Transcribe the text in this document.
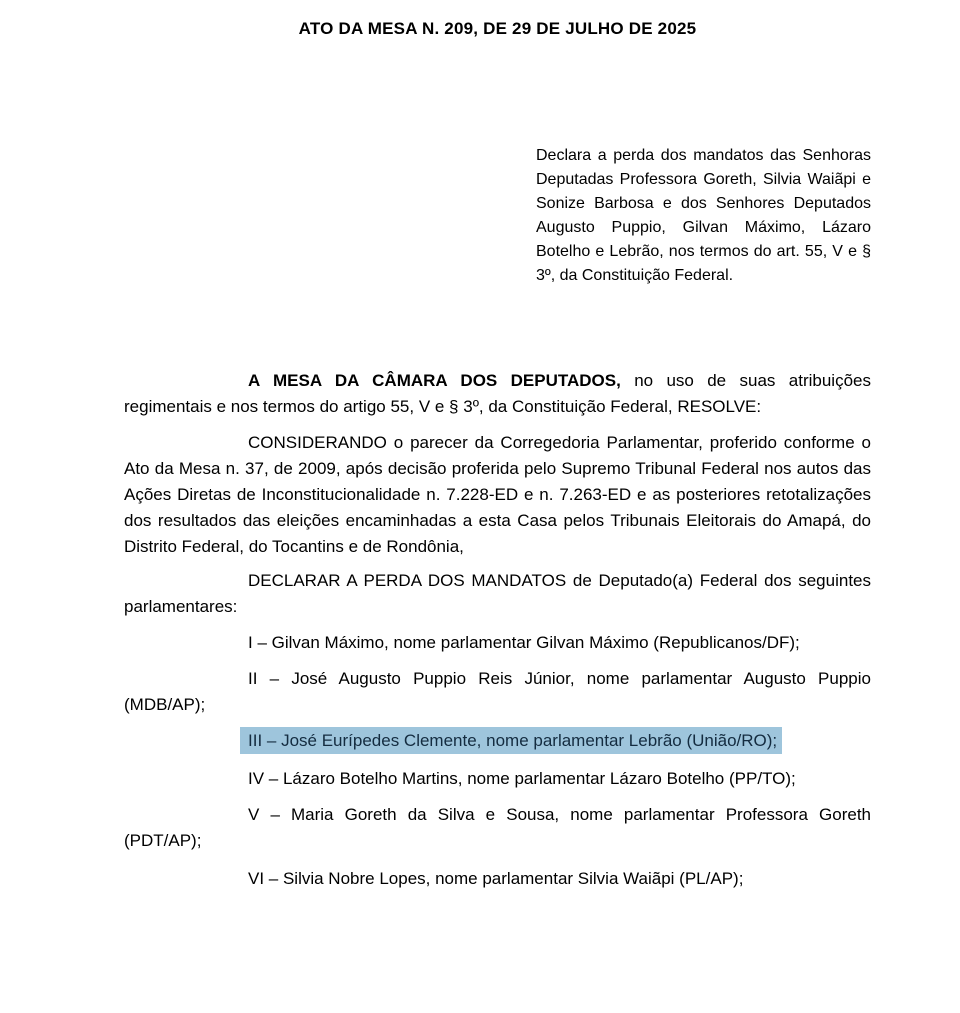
ATO DA MESA N. 209, DE 29 DE JULHO DE 2025

Declara a perda dos mandatos das Senhoras Deputadas Professora Goreth, Silvia Waiãpi e Sonize Barbosa e dos Senhores Deputados Augusto Puppio, Gilvan Máximo, Lázaro Botelho e Lebrão, nos termos do art. 55, V e § 3º, da Constituição Federal.

A MESA DA CÂMARA DOS DEPUTADOS, no uso de suas atribuições regimentais e nos termos do artigo 55, V e § 3º, da Constituição Federal, RESOLVE:

CONSIDERANDO o parecer da Corregedoria Parlamentar, proferido conforme o Ato da Mesa n. 37, de 2009, após decisão proferida pelo Supremo Tribunal Federal nos autos das Ações Diretas de Inconstitucionalidade n. 7.228-ED e n. 7.263-ED e as posteriores retotalizações dos resultados das eleições encaminhadas a esta Casa pelos Tribunais Eleitorais do Amapá, do Distrito Federal, do Tocantins e de Rondônia,

DECLARAR A PERDA DOS MANDATOS de Deputado(a) Federal dos seguintes parlamentares:

I – Gilvan Máximo, nome parlamentar Gilvan Máximo (Republicanos/DF);

II – José Augusto Puppio Reis Júnior, nome parlamentar Augusto Puppio (MDB/AP);

III – José Eurípedes Clemente, nome parlamentar Lebrão (União/RO);

IV – Lázaro Botelho Martins, nome parlamentar Lázaro Botelho (PP/TO);

V – Maria Goreth da Silva e Sousa, nome parlamentar Professora Goreth (PDT/AP);

VI – Silvia Nobre Lopes, nome parlamentar Silvia Waiãpi (PL/AP);
